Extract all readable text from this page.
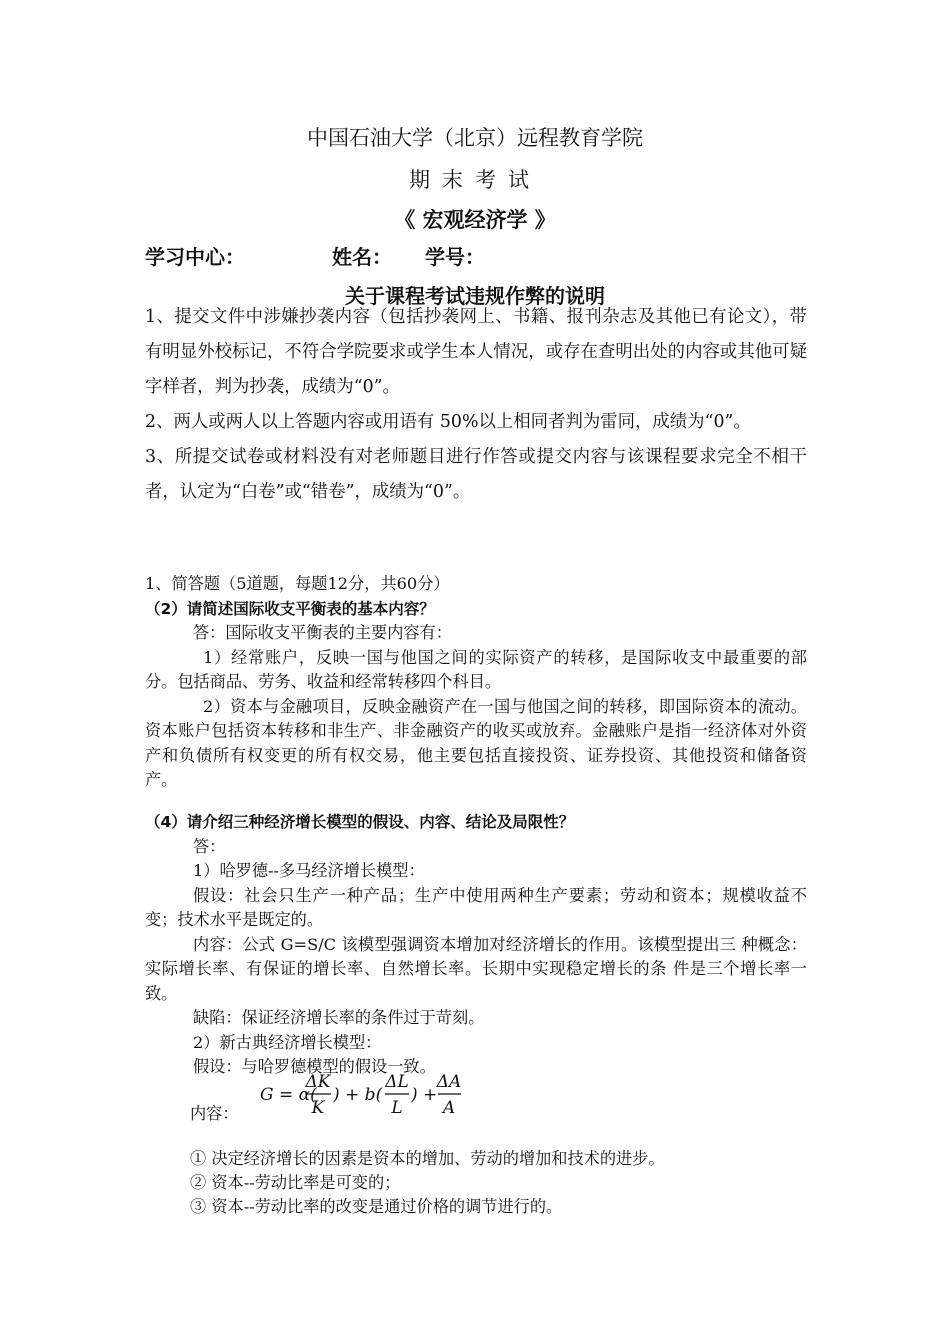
中国石油大学（北京）远程教育学院
期末考试
《 宏观经济学 》
学习中心：	姓名： 学号：
关于课程考试违规作弊的说明

1、提交文件中涉嫌抄袭内容（包括抄袭网上、书籍、报刊杂志及其他已有论文），带有明显外校标记，不符合学院要求或学生本人情况，或存在查明出处的内容或其他可疑字样者，判为抄袭，成绩为“0”。

2、两人或两人以上答题内容或用语有 50%以上相同者判为雷同，成绩为“0”。

3、所提交试卷或材料没有对老师题目进行作答或提交内容与该课程要求完全不相干者，认定为“白卷”或“错卷”，成绩为“0”。

1、简答题（5道题，每题12分，共60分）

（2）请简述国际收支平衡表的基本内容？

答：国际收支平衡表的主要内容有：

1）经常账户，反映一国与他国之间的实际资产的转移，是国际收支中最重要的部分。包括商品、劳务、收益和经常转移四个科目。

2）资本与金融项目，反映金融资产在一国与他国之间的转移，即国际资本的流动。资本账户包括资本转移和非生产、非金融资产的收买或放弃。金融账户是指一经济体对外资产和负债所有权变更的所有权交易，他主要包括直接投资、证券投资、其他投资和储备资产。

（4）请介绍三种经济增长模型的假设、内容、结论及局限性？

答：

1）哈罗德--多马经济增长模型：

假设：社会只生产一种产品；生产中使用两种生产要素；劳动和资本；规模收益不变；技术水平是既定的。

内容：公式 G=S/C 该模型强调资本增加对经济增长的作用。该模型提出三 种概念：实际增长率、有保证的增长率、自然增长率。长期中实现稳定增长的条 件是三个增长率一致。

缺陷：保证经济增长率的条件过于苛刻。

2）新古典经济增长模型：

假设：与哈罗德模型的假设一致。

G = α(
ΔK
K
) + b(
ΔL
L
) +
ΔA
A
内容：
① 决定经济增长的因素是资本的增加、劳动的增加和技术的进步。
② 资本--劳动比率是可变的；
③ 资本--劳动比率的改变是通过价格的调节进行的。
